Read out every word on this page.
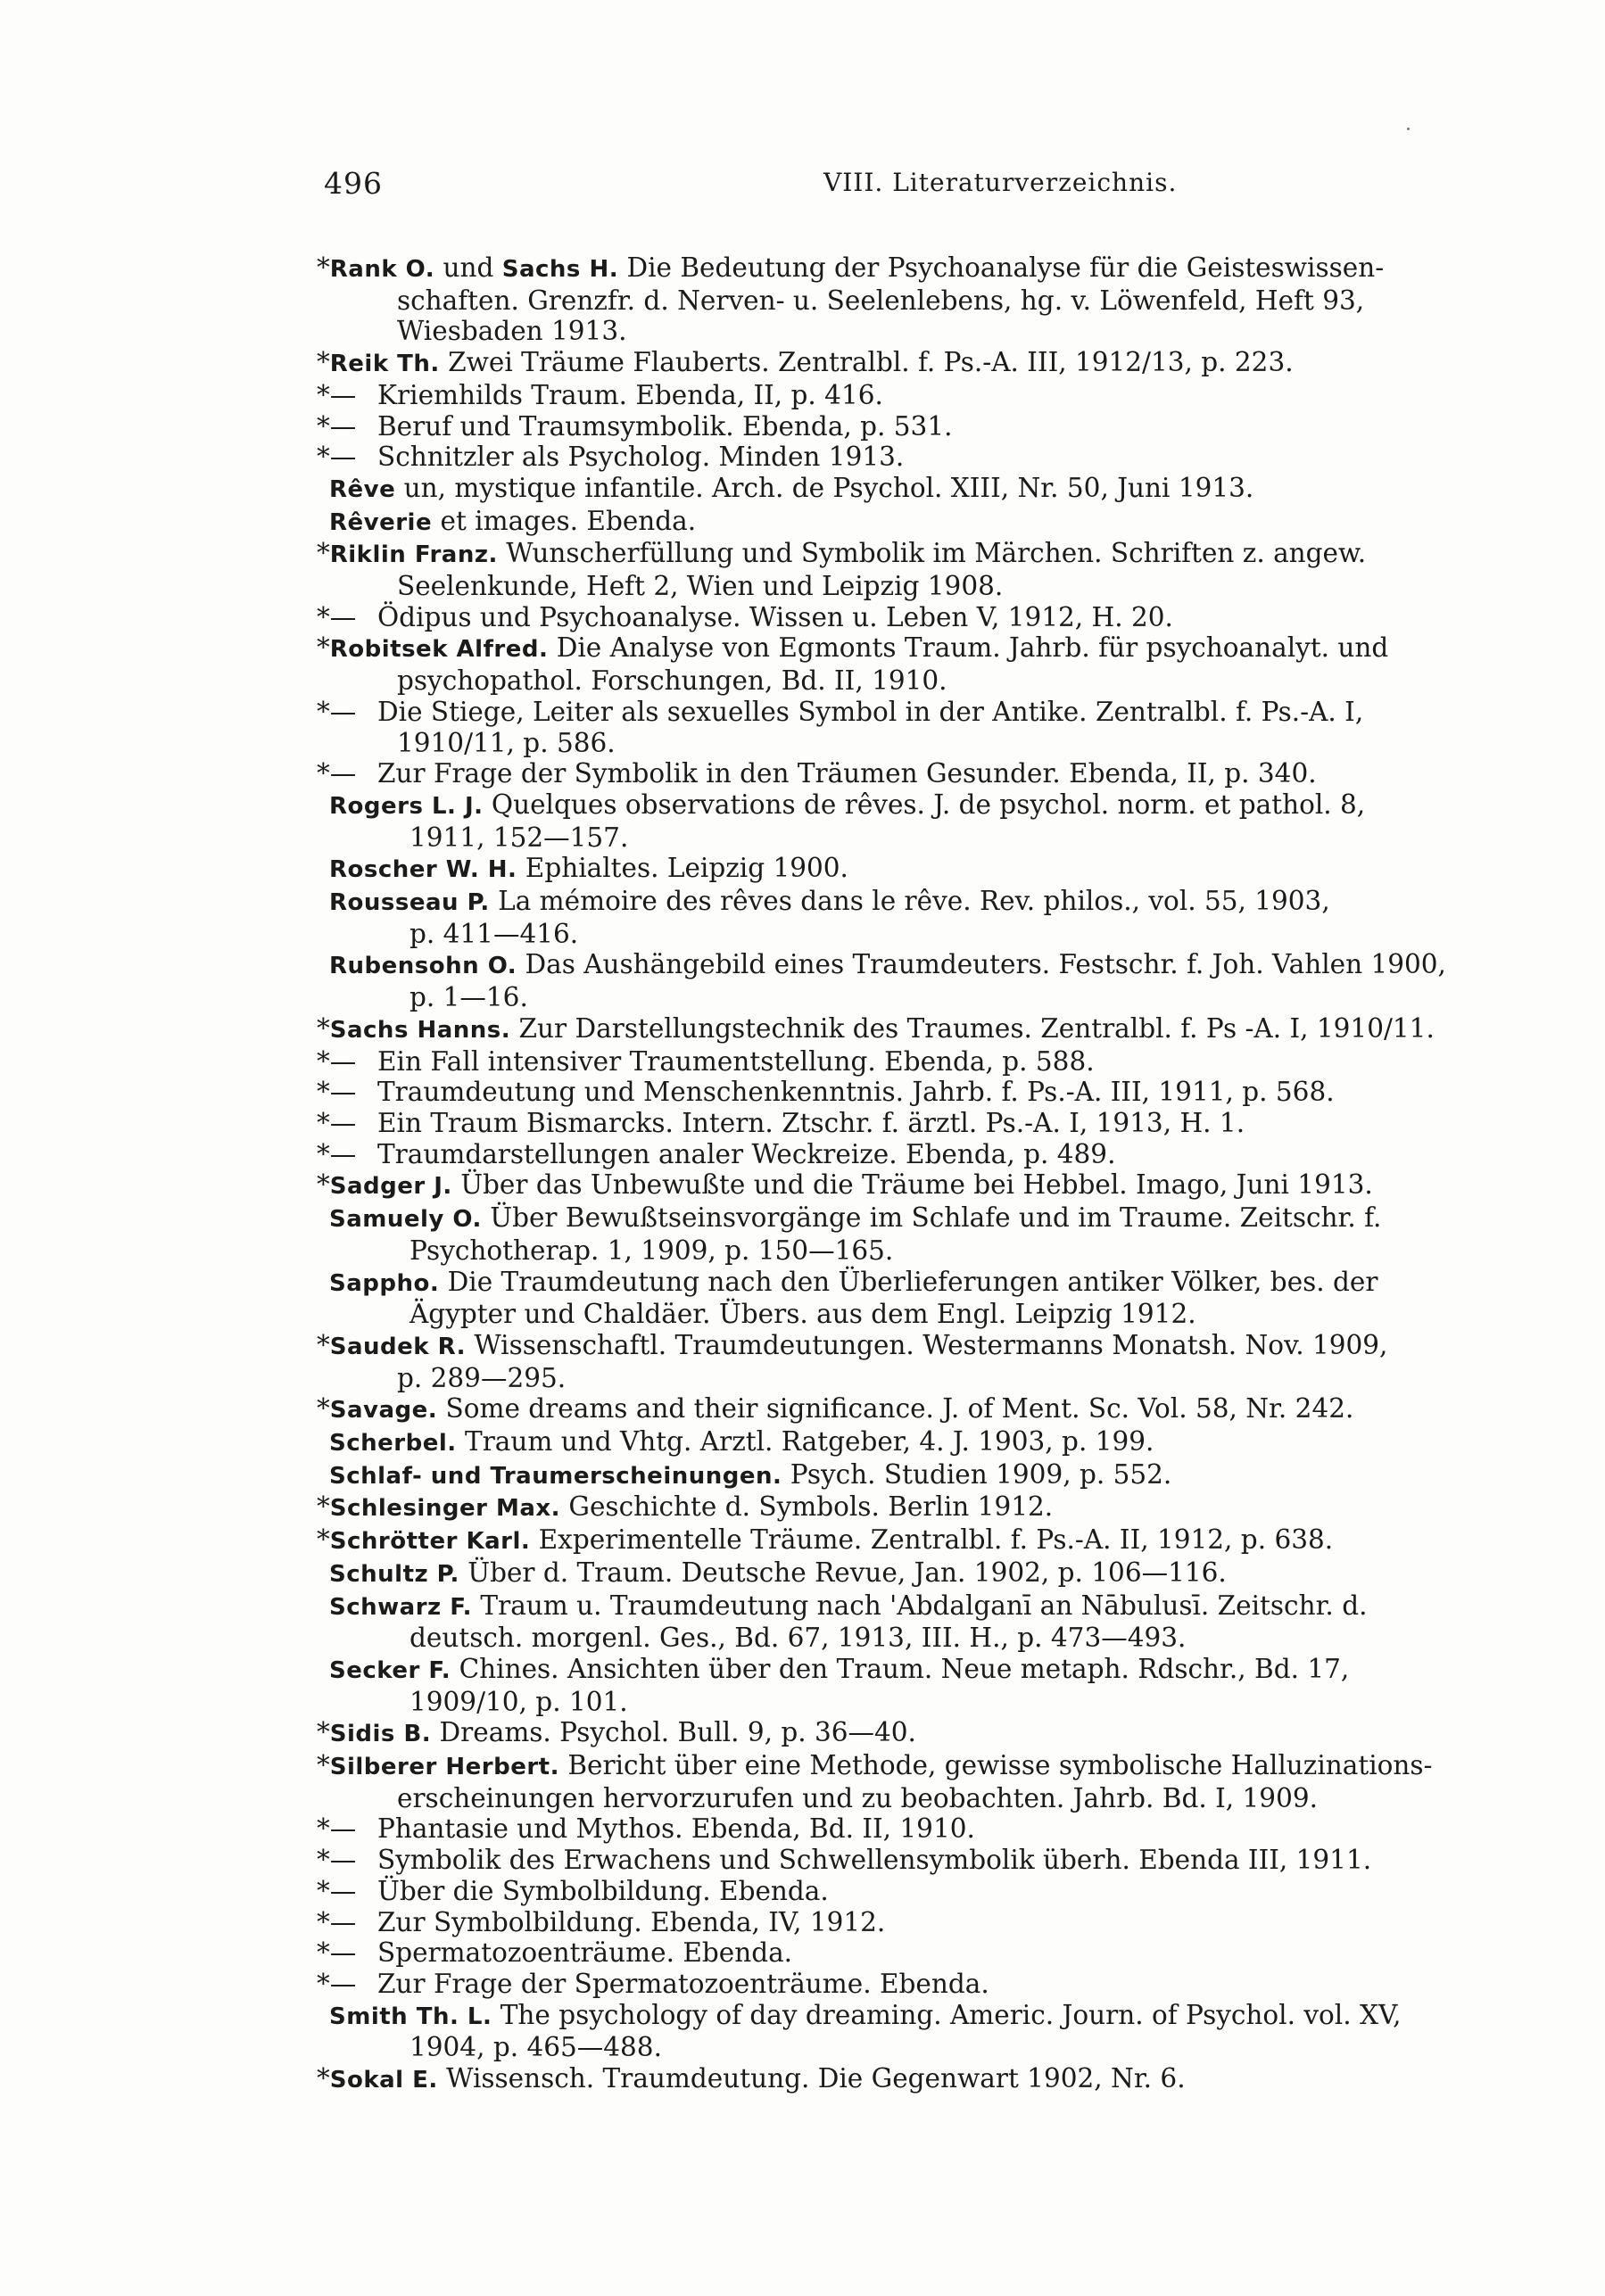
496	VIII. Literaturverzeichnis.
*Rank O. und Sachs H. Die Bedeutung der Psychoanalyse für die Geisteswissen-
schaften. Grenzfr. d. Nerven- u. Seelenlebens, hg. v. Löwenfeld, Heft 93,
Wiesbaden 1913.
*Reik Th. Zwei Träume Flauberts. Zentralbl. f. Ps.-A. III, 1912/13, p. 223.
*—Kriemhilds Traum. Ebenda, II, p. 416.
*—Beruf und Traumsymbolik. Ebenda, p. 531.
*—Schnitzler als Psycholog. Minden 1913.
Rêve un, mystique infantile. Arch. de Psychol. XIII, Nr. 50, Juni 1913.
Rêverie et images. Ebenda.
*Riklin Franz. Wunscherfüllung und Symbolik im Märchen. Schriften z. angew.
Seelenkunde, Heft 2, Wien und Leipzig 1908.
*—Ödipus und Psychoanalyse. Wissen u. Leben V, 1912, H. 20.
*Robitsek Alfred. Die Analyse von Egmonts Traum. Jahrb. für psychoanalyt. und
psychopathol. Forschungen, Bd. II, 1910.
*—Die Stiege, Leiter als sexuelles Symbol in der Antike. Zentralbl. f. Ps.-A. I,
1910/11, p. 586.
*—Zur Frage der Symbolik in den Träumen Gesunder. Ebenda, II, p. 340.
Rogers L. J. Quelques observations de rêves. J. de psychol. norm. et pathol. 8,
1911, 152—157.
Roscher W. H. Ephialtes. Leipzig 1900.
Rousseau P. La mémoire des rêves dans le rêve. Rev. philos., vol. 55, 1903,
p. 411—416.
Rubensohn O. Das Aushängebild eines Traumdeuters. Festschr. f. Joh. Vahlen 1900,
p. 1—16.
*Sachs Hanns. Zur Darstellungstechnik des Traumes. Zentralbl. f. Ps -A. I, 1910/11.
*—Ein Fall intensiver Traumentstellung. Ebenda, p. 588.
*—Traumdeutung und Menschenkenntnis. Jahrb. f. Ps.-A. III, 1911, p. 568.
*—Ein Traum Bismarcks. Intern. Ztschr. f. ärztl. Ps.-A. I, 1913, H. 1.
*—Traumdarstellungen analer Weckreize. Ebenda, p. 489.
*Sadger J. Über das Unbewußte und die Träume bei Hebbel. Imago, Juni 1913.
Samuely O. Über Bewußtseinsvorgänge im Schlafe und im Traume. Zeitschr. f.
Psychotherap. 1, 1909, p. 150—165.
Sappho. Die Traumdeutung nach den Überlieferungen antiker Völker, bes. der
Ägypter und Chaldäer. Übers. aus dem Engl. Leipzig 1912.
*Saudek R. Wissenschaftl. Traumdeutungen. Westermanns Monatsh. Nov. 1909,
p. 289—295.
*Savage. Some dreams and their significance. J. of Ment. Sc. Vol. 58, Nr. 242.
Scherbel. Traum und Vhtg. Arztl. Ratgeber, 4. J. 1903, p. 199.
Schlaf- und Traumerscheinungen. Psych. Studien 1909, p. 552.
*Schlesinger Max. Geschichte d. Symbols. Berlin 1912.
*Schrötter Karl. Experimentelle Träume. Zentralbl. f. Ps.-A. II, 1912, p. 638.
Schultz P. Über d. Traum. Deutsche Revue, Jan. 1902, p. 106—116.
Schwarz F. Traum u. Traumdeutung nach 'Abdalganī an Nābulusī. Zeitschr. d.
deutsch. morgenl. Ges., Bd. 67, 1913, III. H., p. 473—493.
Secker F. Chines. Ansichten über den Traum. Neue metaph. Rdschr., Bd. 17,
1909/10, p. 101.
*Sidis B. Dreams. Psychol. Bull. 9, p. 36—40.
*Silberer Herbert. Bericht über eine Methode, gewisse symbolische Halluzinations-
erscheinungen hervorzurufen und zu beobachten. Jahrb. Bd. I, 1909.
*—Phantasie und Mythos. Ebenda, Bd. II, 1910.
*—Symbolik des Erwachens und Schwellensymbolik überh. Ebenda III, 1911.
*—Über die Symbolbildung. Ebenda.
*—Zur Symbolbildung. Ebenda, IV, 1912.
*—Spermatozoenträume. Ebenda.
*—Zur Frage der Spermatozoenträume. Ebenda.
Smith Th. L. The psychology of day dreaming. Americ. Journ. of Psychol. vol. XV,
1904, p. 465—488.
*Sokal E. Wissensch. Traumdeutung. Die Gegenwart 1902, Nr. 6.
